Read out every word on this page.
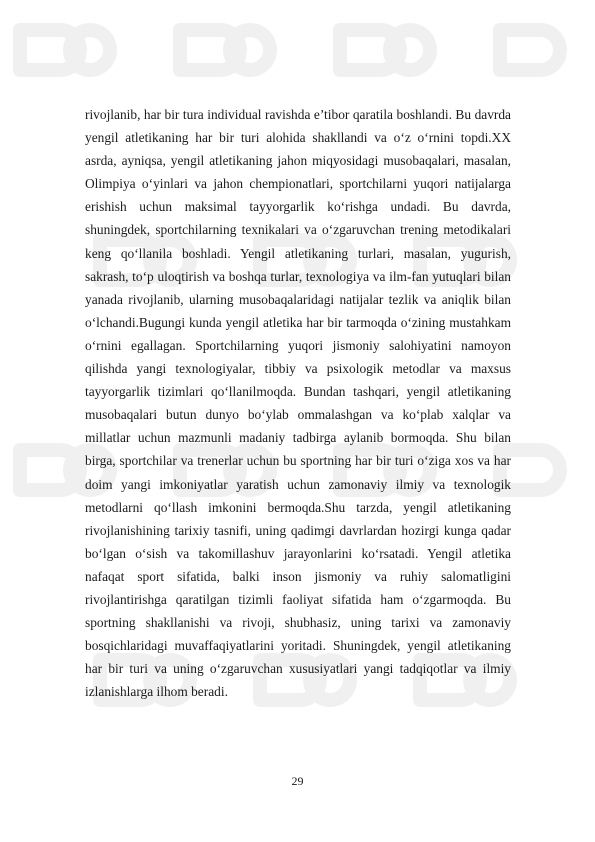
rivojlanib, har bir tura individual ravishda e’tibor qaratila boshlandi. Bu davrda yengil atletikaning har bir turi alohida shakllandi va o‘z o‘rnini topdi.XX asrda, ayniqsa, yengil atletikaning jahon miqyosidagi musobaqalari, masalan, Olimpiya o‘yinlari va jahon chempionatlari, sportchilarni yuqori natijalarga erishish uchun maksimal tayyorgarlik ko‘rishga undadi. Bu davrda, shuningdek, sportchilarning texnikalari va o‘zgaruvchan trening metodikalari keng qo‘llanila boshladi. Yengil atletikaning turlari, masalan, yugurish, sakrash, to‘p uloqtirish va boshqa turlar, texnologiya va ilm-fan yutuqlari bilan yanada rivojlanib, ularning musobaqalaridagi natijalar tezlik va aniqlik bilan o‘lchandi.Bugungi kunda yengil atletika har bir tarmoqda o‘zining mustahkam o‘rnini egallagan. Sportchilarning yuqori jismoniy salohiyatini namoyon qilishda yangi texnologiyalar, tibbiy va psixologik metodlar va maxsus tayyorgarlik tizimlari qo‘llanilmoqda. Bundan tashqari, yengil atletikaning musobaqalari butun dunyo bo‘ylab ommalashgan va ko‘plab xalqlar va millatlar uchun mazmunli madaniy tadbirga aylanib bormoqda. Shu bilan birga, sportchilar va trenerlar uchun bu sportning har bir turi o‘ziga xos va har doim yangi imkoniyatlar yaratish uchun zamonaviy ilmiy va texnologik metodlarni qo‘llash imkonini bermoqda.Shu tarzda, yengil atletikaning rivojlanishining tarixiy tasnifi, uning qadimgi davrlardan hozirgi kunga qadar bo‘lgan o‘sish va takomillashuv jarayonlarini ko‘rsatadi. Yengil atletika nafaqat sport sifatida, balki inson jismoniy va ruhiy salomatligini rivojlantirishga qaratilgan tizimli faoliyat sifatida ham o‘zgarmoqda. Bu sportning shakllanishi va rivoji, shubhasiz, uning tarixi va zamonaviy bosqichlaridagi muvaffaqiyatlarini yoritadi. Shuningdek, yengil atletikaning har bir turi va uning o‘zgaruvchan xususiyatlari yangi tadqiqotlar va ilmiy izlanishlarga ilhom beradi.

29
